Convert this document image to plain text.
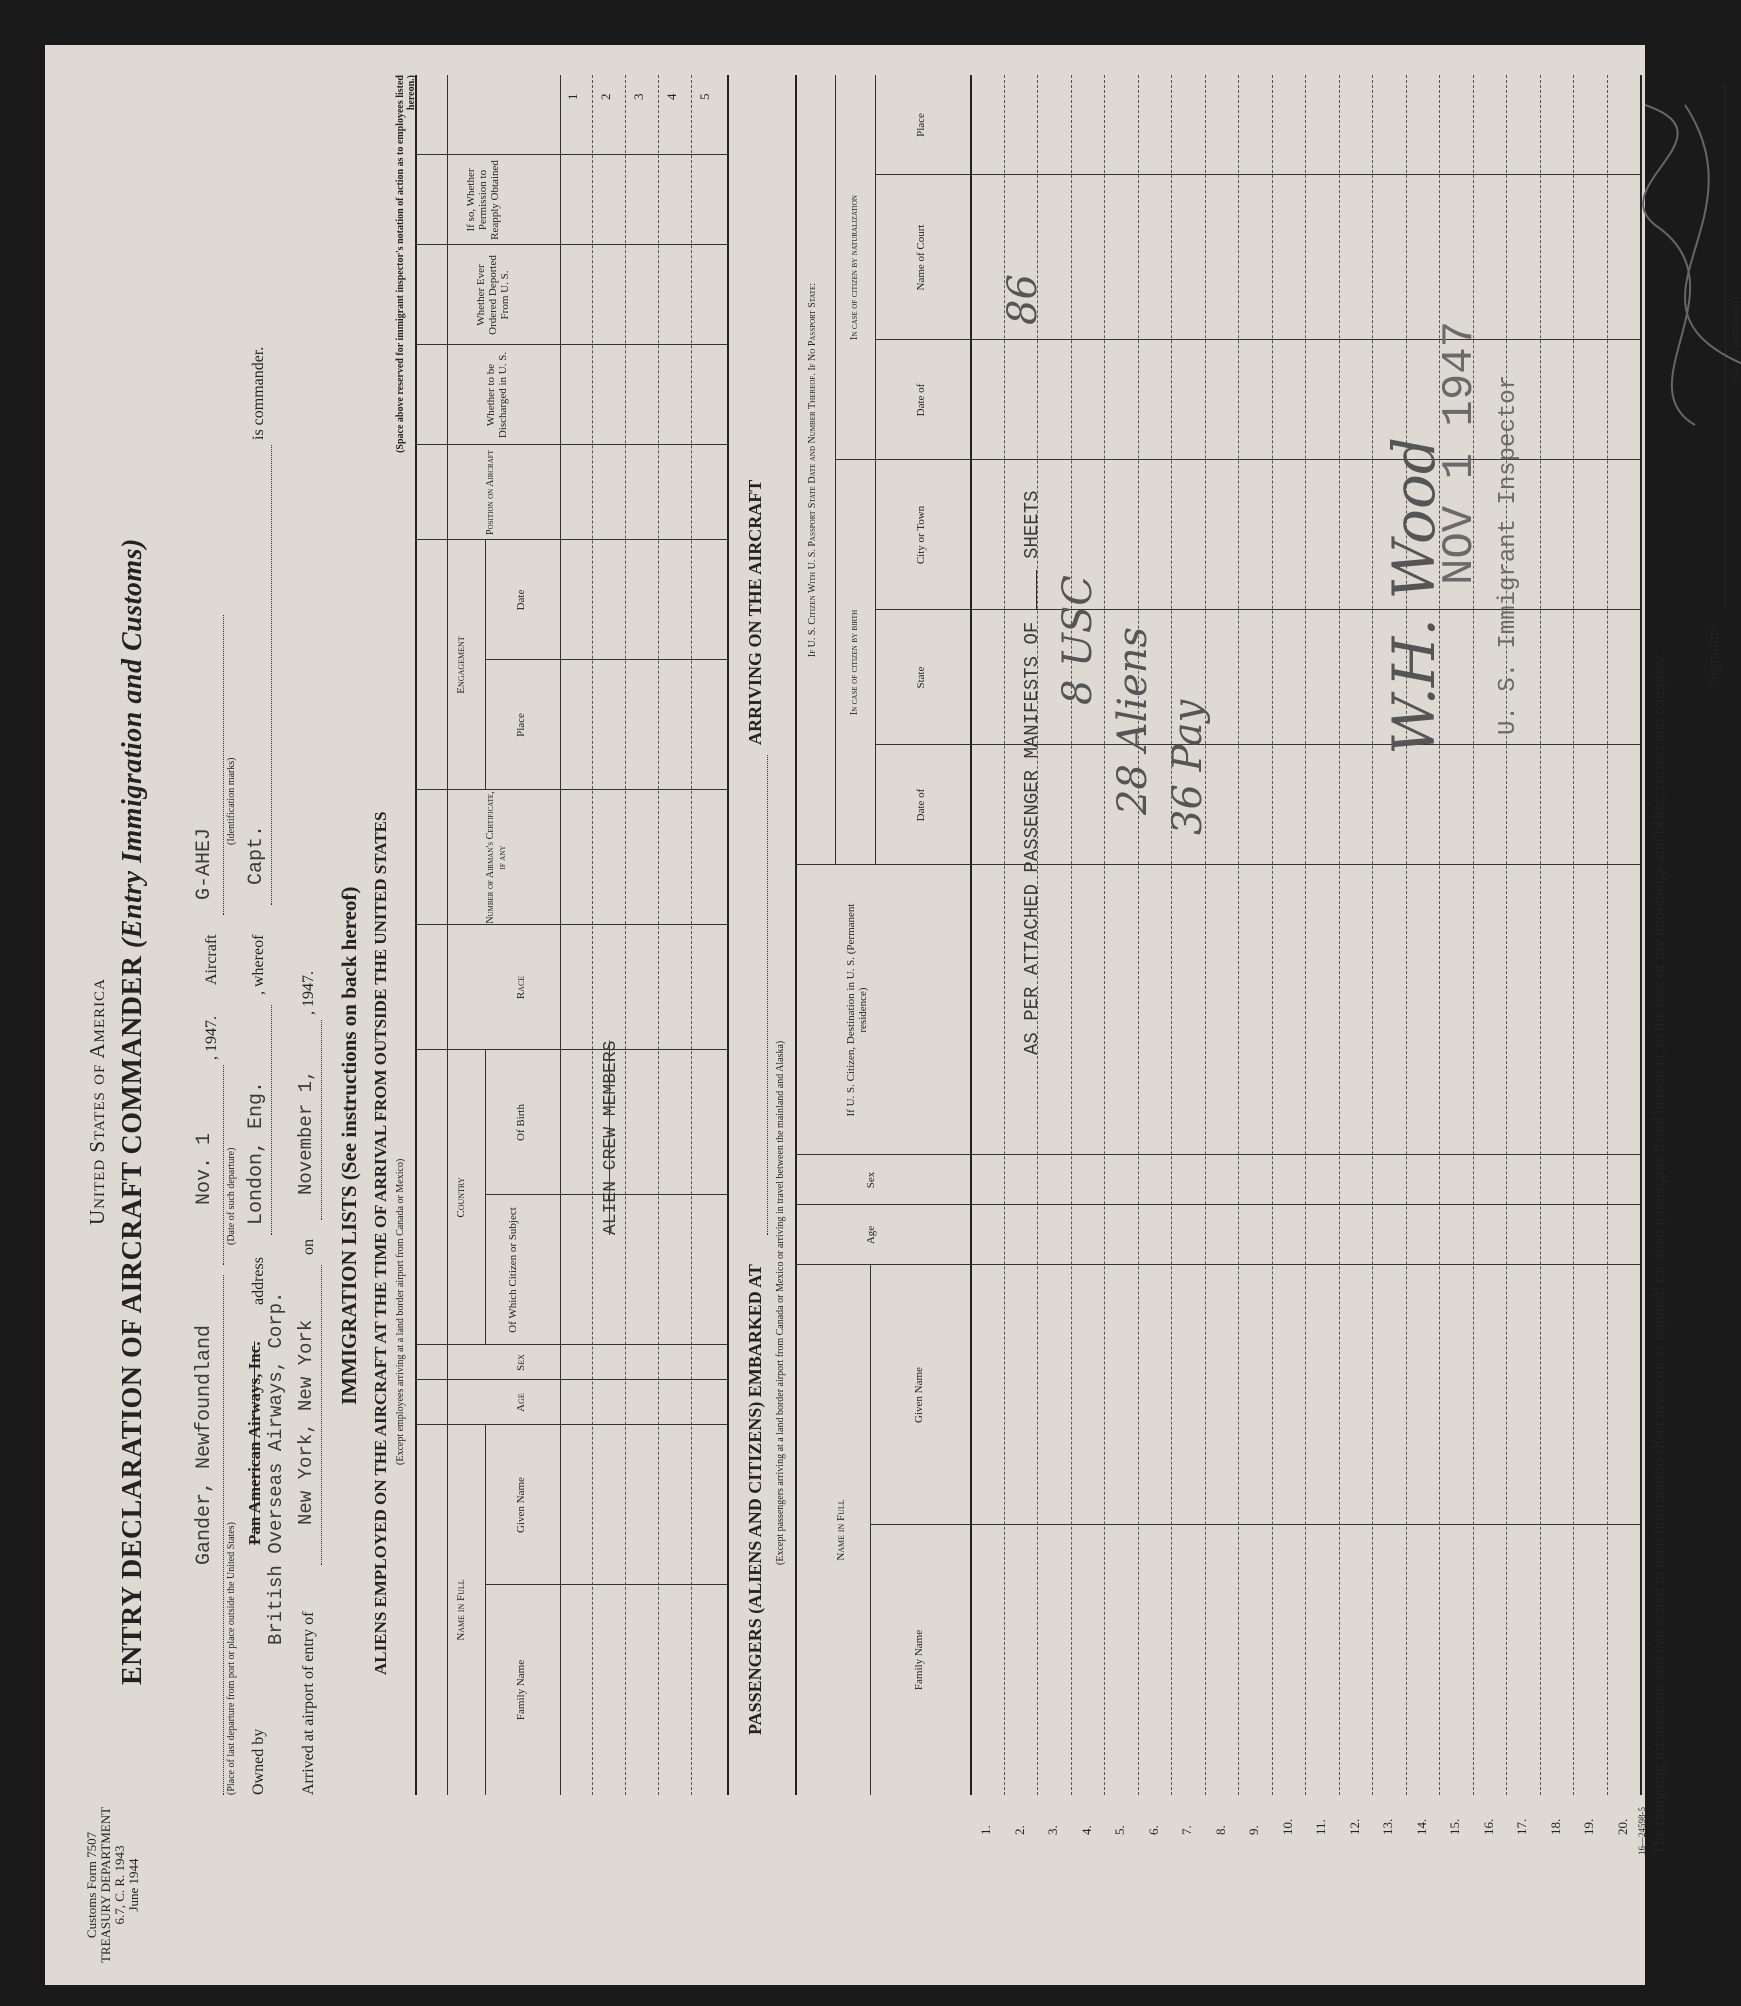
Customs Form 7507 TREASURY DEPARTMENT 6.7, C. R. 1943 June 1944
United States of America ENTRY DECLARATION OF AIRCRAFT COMMANDER (Entry Immigration and Customs)
Gander, Newfoundland
(Place of last departure from port or place outside the United States)
Nov. 1 (Date of such departure)
, 1947.
Aircraft
G-AHEJ
(Identification marks)
Owned by
Pan American Airways, Inc. British Overseas Airways, Corp.
address
London, Eng.
, whereof
Capt.
is commander.
Arrived at airport of entry of
New York, New York
on
November 1,
, 1947. IMMIGRATION LISTS (See instructions on back hereof) ALIENS EMPLOYED ON THE AIRCRAFT AT THE TIME OF ARRIVAL FROM OUTSIDE THE UNITED STATES (Except employees arriving at a land border airport from Canada or Mexico)
Name in Full
Family Name
Given Name
Age
Sex
Country
Of Which Citizen or Subject
Of Birth
Race
Number of Airman's Certificate, if any
Engagement
Place
Date
Position on Aircraft
Whether to be Discharged in U. S.
Whether Ever Ordered Deported From U. S.
If so, Whether Permission to Reapply Obtained
1 2 3 4 5
ALIEN CREW MEMBERS
(Space above reserved for immigrant inspector's notation of action as to employees listed hereon.)
PASSENGERS (ALIENS AND CITIZENS) EMBARKED AT
ARRIVING ON THE AIRCRAFT
(Except passengers arriving at a land border airport from Canada or Mexico or arriving in travel between the mainland and Alaska)	Name in Full
Family Name
Given Name
Age
Sex
If U. S. Citizen, Destination in U. S. (Permanent residence)
If U. S. Citizen With U. S. Passport State Date and Number Thereof. If No Passport State:
In case of citizen by birth
In case of citizen by naturalization
Date of
State
City or Town
Date of
Name of Court
Place
1. 2. 3. 4. 5. 6. 7. 8. 9. 10. 11. 12. 13. 14. 15. 16. 17. 18. 19. 20.
AS PER ATTACHED PASSENGER MANIFESTS OF  SHEETS
86
8 USC 28 Aliens 36 Pay
NOV 1 1947 U. S. Immigrant Inspector
W.H. Wood
The foregoing information and that stated in each information sheet herewith as required for alien passengers listed hereon is, to the best of my knowledge and belief, correct and complete.
16—24598-5
Signature
(Aircraft commander)
